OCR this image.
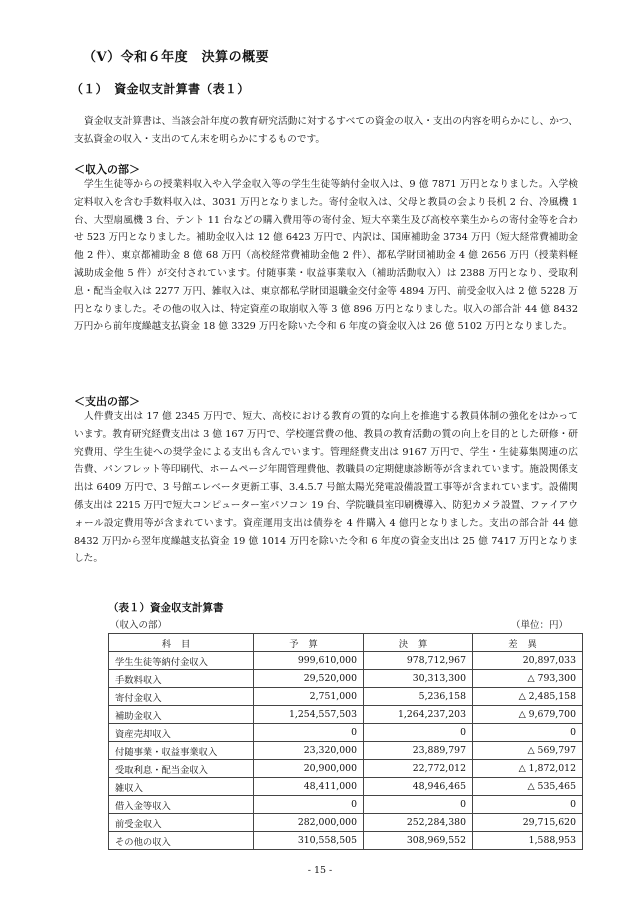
（Ⅴ）令和６年度　決算の概要
（１）　資金収支計算書（表１）

資金収支計算書は、当該会計年度の教育研究活動に対するすべての資金の収入・支出の内容を明らかにし、かつ、支払資金の収入・支出のてん末を明らかにするものです。

＜収入の部＞

学生生徒等からの授業料収入や入学金収入等の学生生徒等納付金収入は、9 億 7871 万円となりました。入学検定料収入を含む手数料収入は、3031 万円となりました。寄付金収入は、父母と教員の会より長机 2 台、冷風機 1 台、大型扇風機 3 台、テント 11 台などの購入費用等の寄付金、短大卒業生及び高校卒業生からの寄付金等を合わせ 523 万円となりました。補助金収入は 12 億 6423 万円で、内訳は、国庫補助金 3734 万円（短大経常費補助金他 2 件）、東京都補助金 8 億 68 万円（高校経常費補助金他 2 件）、都私学財団補助金 4 億 2656 万円（授業料軽減助成金他 5 件）が交付されています。付随事業・収益事業収入（補助活動収入）は 2388 万円となり、受取利息・配当金収入は 2277 万円、雑収入は、東京都私学財団退職金交付金等 4894 万円、前受金収入は 2 億 5228 万円となりました。その他の収入は、特定資産の取崩収入等 3 億 896 万円となりました。収入の部合計 44 億 8432 万円から前年度繰越支払資金 18 億 3329 万円を除いた令和 6 年度の資金収入は 26 億 5102 万円となりました。

＜支出の部＞

人件費支出は 17 億 2345 万円で、短大、高校における教育の質的な向上を推進する教員体制の強化をはかっています。教育研究経費支出は 3 億 167 万円で、学校運営費の他、教員の教育活動の質の向上を目的とした研修・研究費用、学生生徒への奨学金による支出も含んでいます。管理経費支出は 9167 万円で、学生・生徒募集関連の広告費、パンフレット等印刷代、ホームページ年間管理費他、教職員の定期健康診断等が含まれています。施設関係支出は 6409 万円で、3 号館エレベータ更新工事、3.4.5.7 号館太陽光発電設備設置工事等が含まれています。設備関係支出は 2215 万円で短大コンピューター室パソコン 19 台、学院職員室印刷機導入、防犯カメラ設置、ファイアウォール設定費用等が含まれています。資産運用支出は債券を 4 件購入 4 億円となりました。支出の部合計 44 億 8432 万円から翌年度繰越支払資金 19 億 1014 万円を除いた令和 6 年度の資金支出は 25 億 7417 万円となりました。

（表１）資金収支計算書
（収入の部）	（単位：円）
科目	予算	決算	差異
学生生徒等納付金収入	999,610,000	978,712,967	20,897,033
手数料収入	29,520,000	30,313,300	△ 793,300
寄付金収入	2,751,000	5,236,158	△ 2,485,158
補助金収入	1,254,557,503	1,264,237,203	△ 9,679,700
資産売却収入	0	0	0
付随事業・収益事業収入	23,320,000	23,889,797	△ 569,797
受取利息・配当金収入	20,900,000	22,772,012	△ 1,872,012
雑収入	48,411,000	48,946,465	△ 535,465
借入金等収入	0	0	0
前受金収入	282,000,000	252,284,380	29,715,620
その他の収入	310,558,505	308,969,552	1,588,953
- 15 -
